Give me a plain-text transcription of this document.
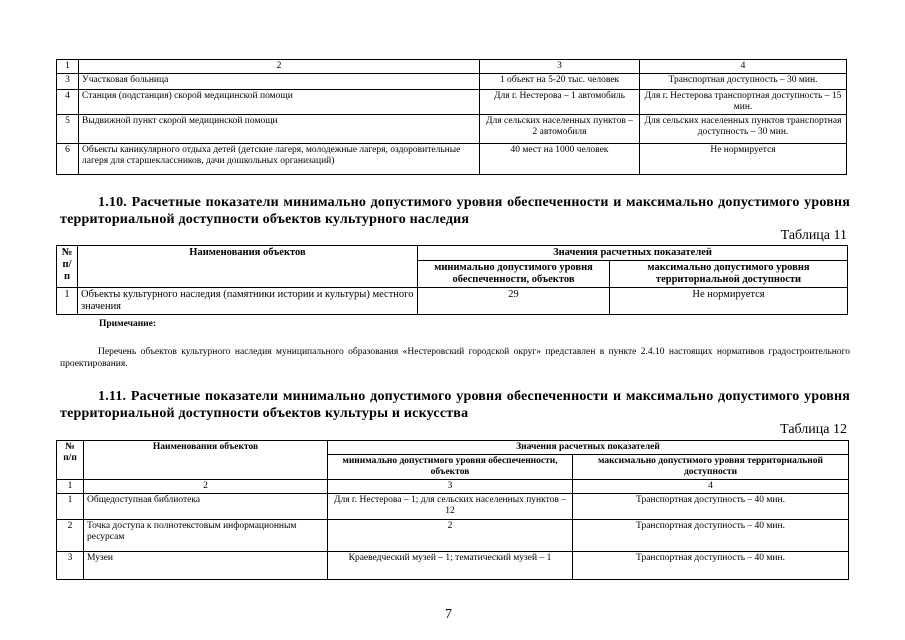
1	2	3	4
3	Участковая больница	1 объект на 5-20 тыс. человек	Транспортная доступность – 30 мин.
4	Станция (подстанция) скорой медицинской помощи	Для г. Нестерова – 1 автомобиль	Для г. Нестерова транспортная доступность – 15 мин.
5	Выдвижной пункт скорой медицинской помощи	Для сельских населенных пунктов – 2 автомобиля	Для сельских населенных пунктов транспортная доступность – 30 мин.
6	Объекты каникулярного отдыха детей (детские лагеря, молодежные лагеря, оздоровительные лагеря для старшеклассников, дачи дошкольных организаций)	40 мест на 1000 человек	Не нормируется
1.10. Расчетные показатели минимально допустимого уровня обеспеченности и максимально допустимого уровня территориальной доступности объектов культурного наследия
Таблица 11
№ п/п	Наименования объектов	Значения расчетных показателей	
		минимально допустимого уровня обеспеченности, объектов	максимально допустимого уровня территориальной доступности
1	Объекты культурного наследия (памятники истории и культуры) местного значения	29	Не нормируется
Примечание:
Перечень объектов культурного наследия муниципального образования «Нестеровский городской округ» представлен в пункте 2.4.10 настоящих нормативов градостроительного проектирования.
1.11. Расчетные показатели минимально допустимого уровня обеспеченности и максимально допустимого уровня территориальной доступности объектов культуры и искусства
Таблица 12
№ п/п	Наименования объектов	Значения расчетных показателей	
		минимально допустимого уровня обеспеченности, объектов	максимально допустимого уровня территориальной доступности
1	2	3	4
1	Общедоступная библиотека	Для г. Нестерова – 1; для сельских населенных пунктов – 12	Транспортная доступность – 40 мин.
2	Точка доступа к полнотекстовым информационным ресурсам	2	Транспортная доступность – 40 мин.
3	Музеи	Краеведческий музей – 1; тематический музей – 1	Транспортная доступность – 40 мин.
7
